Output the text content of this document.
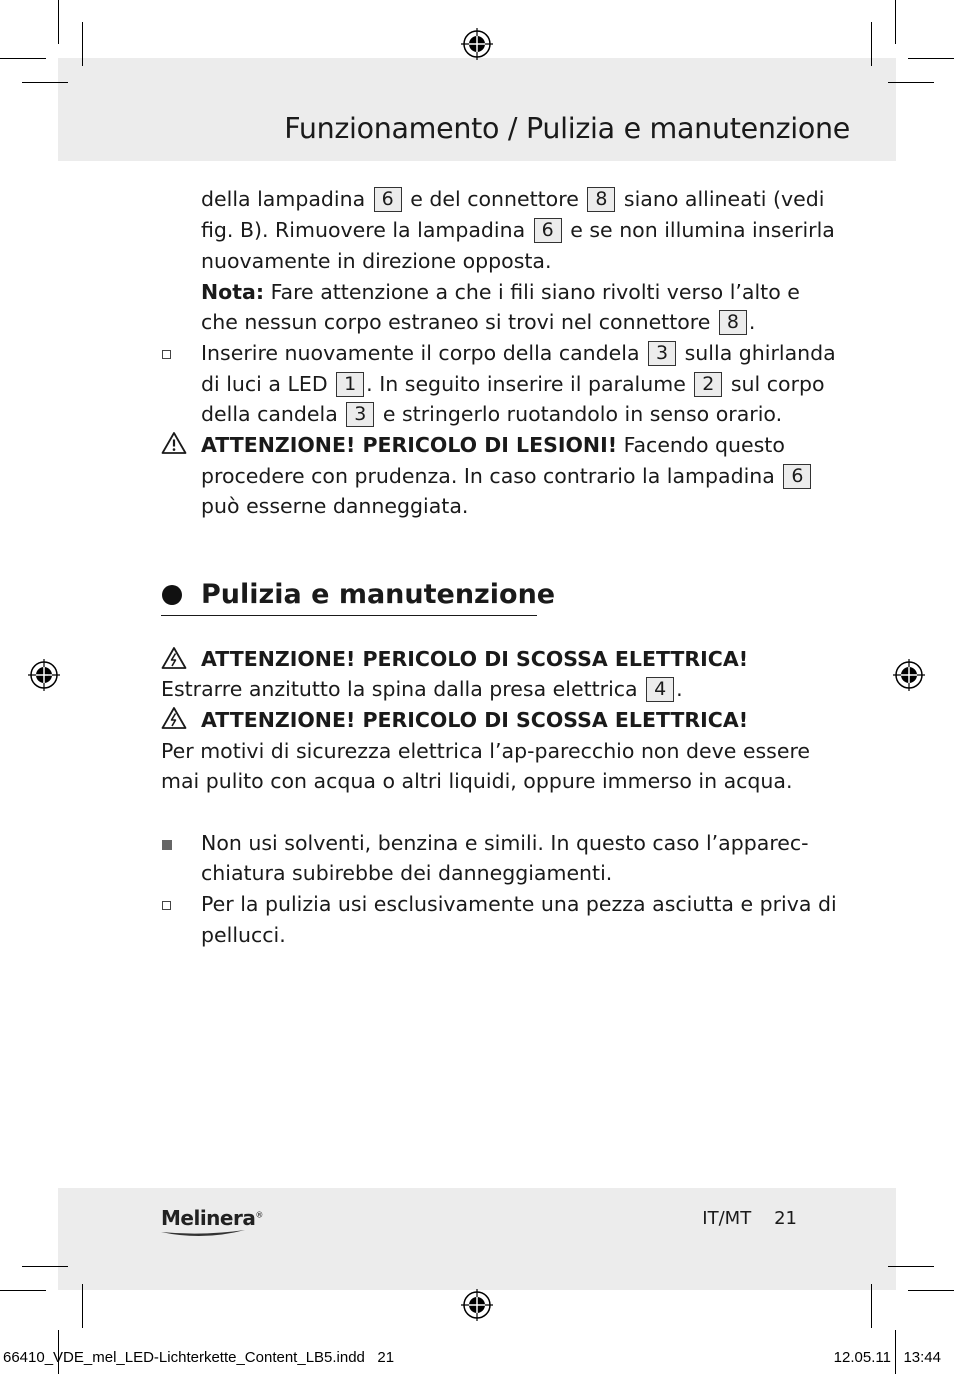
Funzionamento / Pulizia e manutenzione
della lampadina 6 e del connettore 8 siano allineati (vedi
fig. B). Rimuovere la lampadina 6 e se non illumina inserirla
nuovamente in direzione opposta.
Nota: Fare attenzione a che i fili siano rivolti verso l’alto e
che nessun corpo estraneo si trovi nel connettore 8 .
Inserire nuovamente il corpo della candela 3 sulla ghirlanda
di luci a LED 1 . In seguito inserire il paralume 2 sul corpo
della candela 3 e stringerlo ruotandolo in senso orario.
ATTENZIONE! PERICOLO DI LESIONI! Facendo questo
procedere con prudenza. In caso contrario la lampadina 6
può esserne danneggiata.
Pulizia e manutenzione
ATTENZIONE! PERICOLO DI SCOSSA ELETTRICA!
Estrarre anzitutto la spina dalla presa elettrica 4 .
ATTENZIONE! PERICOLO DI SCOSSA ELETTRICA!
Per motivi di sicurezza elettrica l’ap-parecchio non deve essere
mai pulito con acqua o altri liquidi, oppure immerso in acqua.
Non usi solventi, benzina e simili. In questo caso l’apparec-
chiatura subirebbe dei danneggiamenti.
Per la pulizia usi esclusivamente una pezza asciutta e priva di
pellucci.
Melinera®	IT/MT 21
66410_VDE_mel_LED-Lichterkette_Content_LB5.indd 21	12.05.11 13:44
